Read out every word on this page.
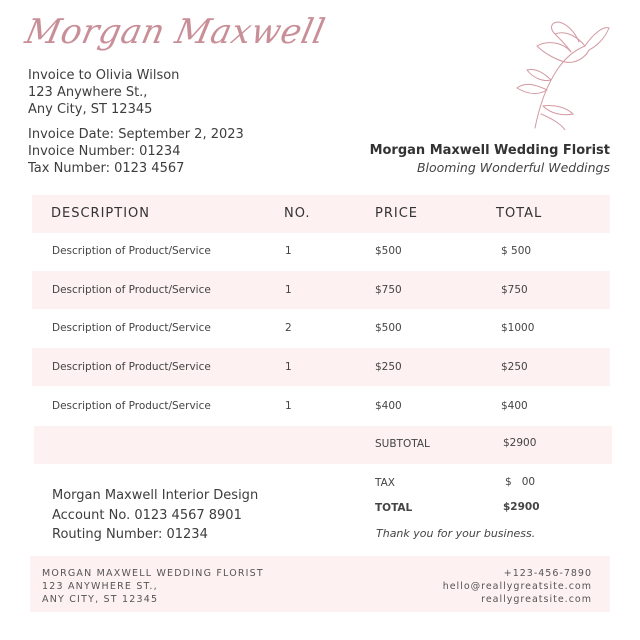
Morgan Maxwell
Invoice to Olivia Wilson
123 Anywhere St.,
Any City, ST 12345
Invoice Date: September 2, 2023
Invoice Number: 01234
Tax Number: 0123 4567
Morgan Maxwell Wedding Florist
Blooming Wonderful Weddings
DESCRIPTION	NO.	PRICE	TOTAL
Description of Product/Service	1	$500	$ 500
Description of Product/Service	1	$750	$750
Description of Product/Service	2	$500	$1000
Description of Product/Service	1	$250	$250
Description of Product/Service	1	$400	$400
SUBTOTAL	$2900
TAX	$   00
TOTAL	$2900
Morgan Maxwell Interior Design
Account No. 0123 4567 8901
Routing Number: 01234	Thank you for your business.
MORGAN MAXWELL WEDDING FLORIST
123 ANYWHERE ST.,
ANY CITY, ST 12345
+123-456-7890
hello@reallygreatsite.com
reallygreatsite.com
